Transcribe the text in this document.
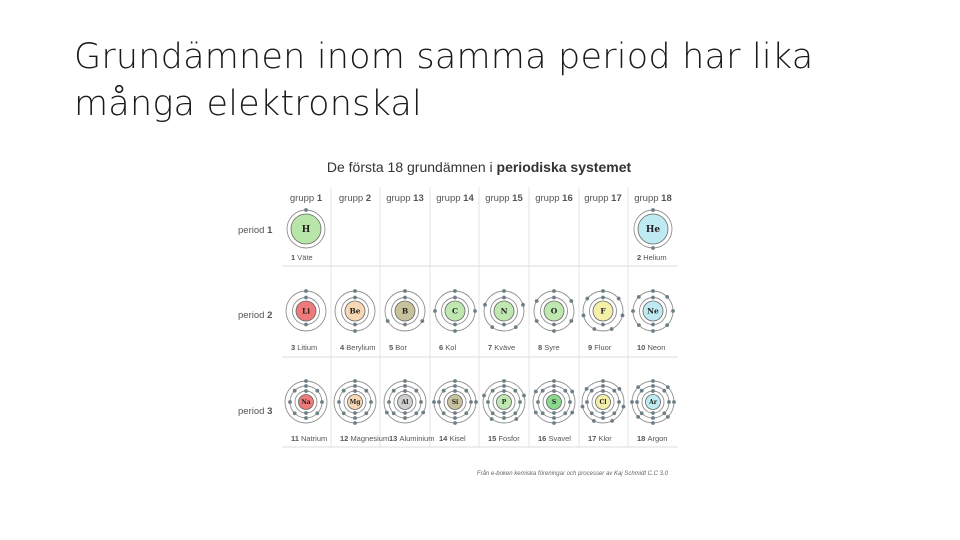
Grundämnen inom samma period har lika många elektronskal
De första 18 grundämnen i periodiska systemet
grupp 1 grupp 2 grupp 13 grupp 14 grupp 15 grupp 16 grupp 17 grupp 18
period 1
period 2
period 3
H
1 Väte
He
2 Helium
Li
3 Litium
Be
4 Berylium
B
5 Bor
C
6 Kol
N
7 Kväve
O
8 Syre
F
9 Fluor
Ne
10 Neon
Na
11 Natrium
Mg
12 Magnesium
Al
13 Aluminium
Si
14 Kisel
P
15 Fosfor
S
16 Svavel
Cl
17 Klor
Ar
18 Argon
Från e-boken kemiska föreningar och processer av Kaj Schmidt C.C 3.0
